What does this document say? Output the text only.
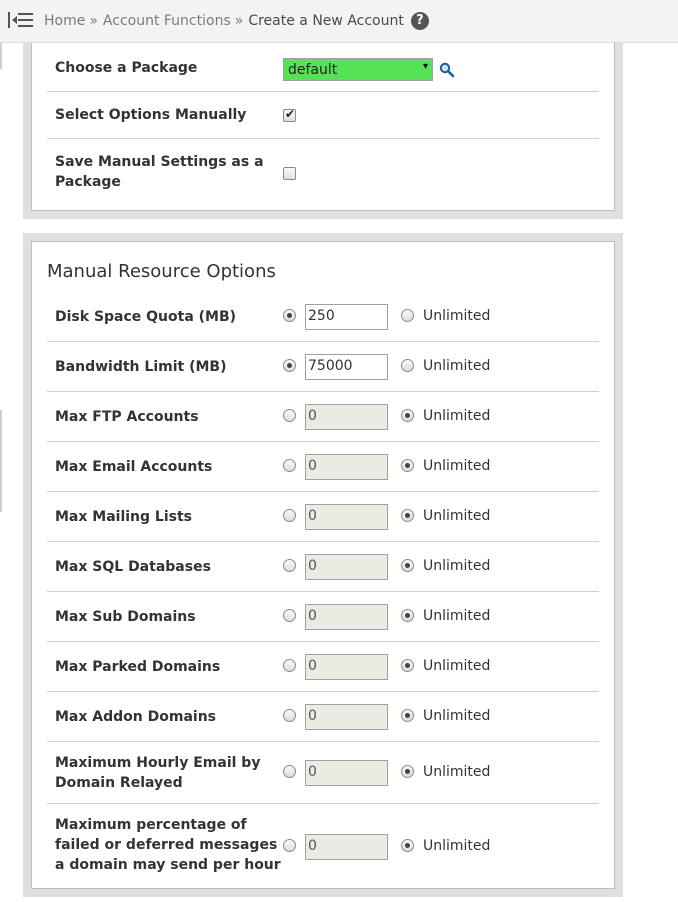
Home » Account Functions » Create a New Account ?
Choose a Package	default	▾
Select Options Manually	✔
Save Manual Settings as a
Package
Manual Resource Options
Disk Space Quota (MB)	250	Unlimited
Bandwidth Limit (MB)	75000	Unlimited
Max FTP Accounts	0	Unlimited
Max Email Accounts	0	Unlimited
Max Mailing Lists	0	Unlimited
Max SQL Databases	0	Unlimited
Max Sub Domains	0	Unlimited
Max Parked Domains	0	Unlimited
Max Addon Domains	0	Unlimited
Maximum Hourly Email by
Domain Relayed
0	Unlimited
Maximum percentage of
failed or deferred messages
a domain may send per hour
0	Unlimited
